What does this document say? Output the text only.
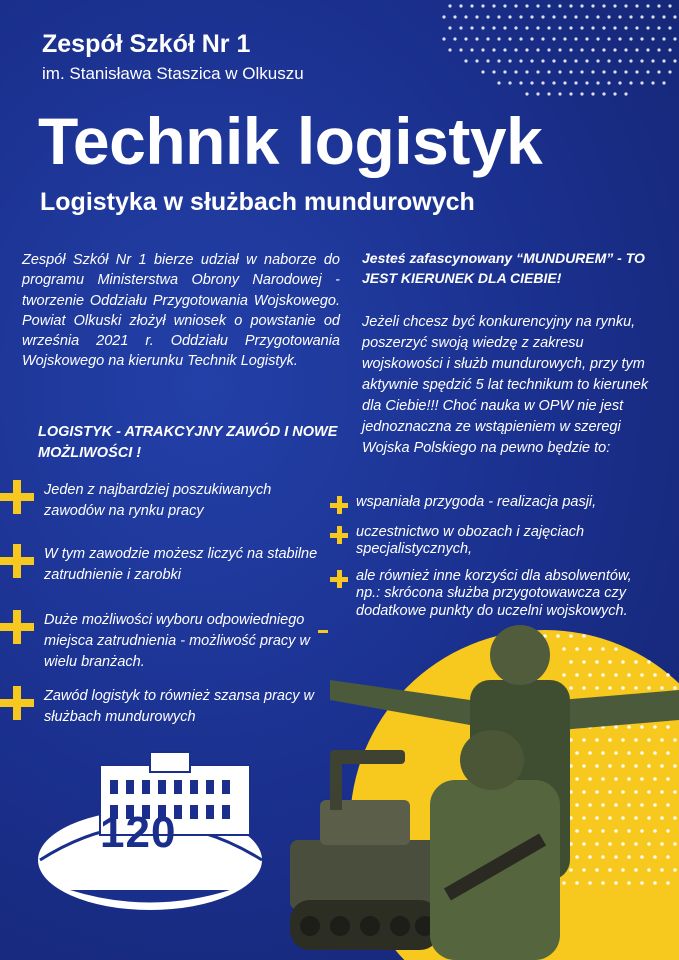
Zespół Szkół Nr 1
im. Stanisława Staszica w Olkuszu
Technik logistyk
Logistyka w służbach mundurowych
Zespół Szkół Nr 1 bierze udział w naborze do programu Ministerstwa Obrony Narodowej - tworzenie Oddziału Przygotowania Wojskowego. Powiat Olkuski złożył wniosek o powstanie od września 2021 r. Oddziału Przygotowania Wojskowego na kierunku Technik Logistyk.
LOGISTYK - ATRAKCYJNY ZAWÓD I NOWE MOŻLIWOŚCI !
Jeden z najbardziej poszukiwanych zawodów na rynku pracy
W tym zawodzie możesz liczyć na stabilne zatrudnienie i zarobki
Duże możliwości wyboru odpowiedniego miejsca zatrudnienia - możliwość pracy w wielu branżach.
Zawód logistyk to również szansa pracy w służbach mundurowych
Jesteś zafascynowany “MUNDUREM” - TO JEST KIERUNEK DLA CIEBIE!
Jeżeli chcesz być konkurencyjny na rynku, poszerzyć swoją wiedzę z zakresu wojskowości i służb mundurowych, przy tym aktywnie spędzić 5 lat technikum to kierunek dla Ciebie!!! Choć nauka w OPW nie jest jednoznaczna ze wstąpieniem w szeregi Wojska Polskiego na pewno będzie to:
wspaniała przygoda - realizacja pasji,
uczestnictwo w obozach i zajęciach specjalistycznych,
ale również inne korzyści dla absolwentów, np.: skrócona służba przygotowawcza czy dodatkowe punkty do uczelni wojskowych.
120
LAT
